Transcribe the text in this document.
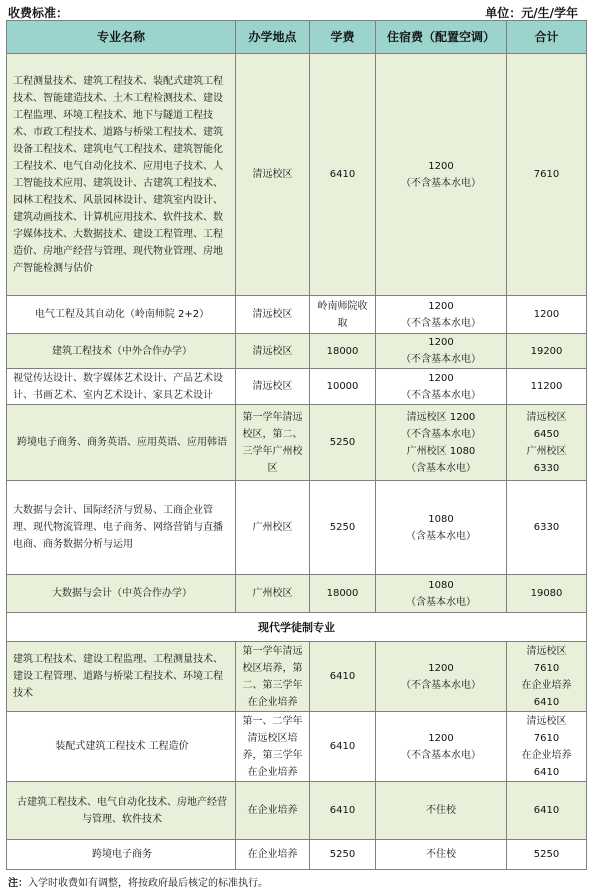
收费标准：	单位：元/生/学年
专业名称	办学地点	学费	住宿费（配置空调）	合计
工程测量技术、建筑工程技术、装配式建筑工程技术、智能建造技术、土木工程检测技术、建设工程监理、环境工程技术、地下与隧道工程技术、市政工程技术、道路与桥梁工程技术、建筑设备工程技术、建筑电气工程技术、建筑智能化工程技术、电气自动化技术、应用电子技术、人工智能技术应用、建筑设计、古建筑工程技术、园林工程技术、风景园林设计、建筑室内设计、建筑动画技术、计算机应用技术、软件技术、数字媒体技术、大数据技术、建设工程管理、工程造价、房地产经营与管理、现代物业管理、房地产智能检测与估价	清远校区	6410	1200
（不含基本水电）	7610

电气工程及其自动化（岭南师院 2+2）	清远校区	岭南师院收取	1200
（不含基本水电）	1200

建筑工程技术（中外合作办学）	清远校区	18000	1200
（不含基本水电）	19200

视觉传达设计、数字媒体艺术设计、产品艺术设计、书画艺术、室内艺术设计、家具艺术设计	清远校区	10000	1200
（不含基本水电）	11200

跨境电子商务、商务英语、应用英语、应用韩语	第一学年清远校区，第二、三学年广州校区	5250	清远校区 1200
（不含基本水电）
广州校区 1080
（含基本水电）	清远校区
6450
广州校区
6330

大数据与会计、国际经济与贸易、工商企业管理、现代物流管理、电子商务、网络营销与直播电商、商务数据分析与运用	广州校区	5250	1080
（含基本水电）	6330

大数据与会计（中英合作办学）	广州校区	18000	1080
（含基本水电）	19080

现代学徒制专业				
建筑工程技术、建设工程监理、工程测量技术、建设工程管理、道路与桥梁工程技术、环境工程技术	第一学年清远校区培养，第二、第三学年在企业培养	6410	1200
（不含基本水电）	清远校区
7610
在企业培养
6410

装配式建筑工程技术 工程造价	第一、二学年清远校区培养，第三学年在企业培养	6410	1200
（不含基本水电）	清远校区
7610
在企业培养
6410

古建筑工程技术、电气自动化技术、房地产经营与管理、软件技术	在企业培养	6410	不住校	6410

跨境电子商务	在企业培养	5250	不住校	5250
注：入学时收费如有调整，将按政府最后核定的标准执行。
